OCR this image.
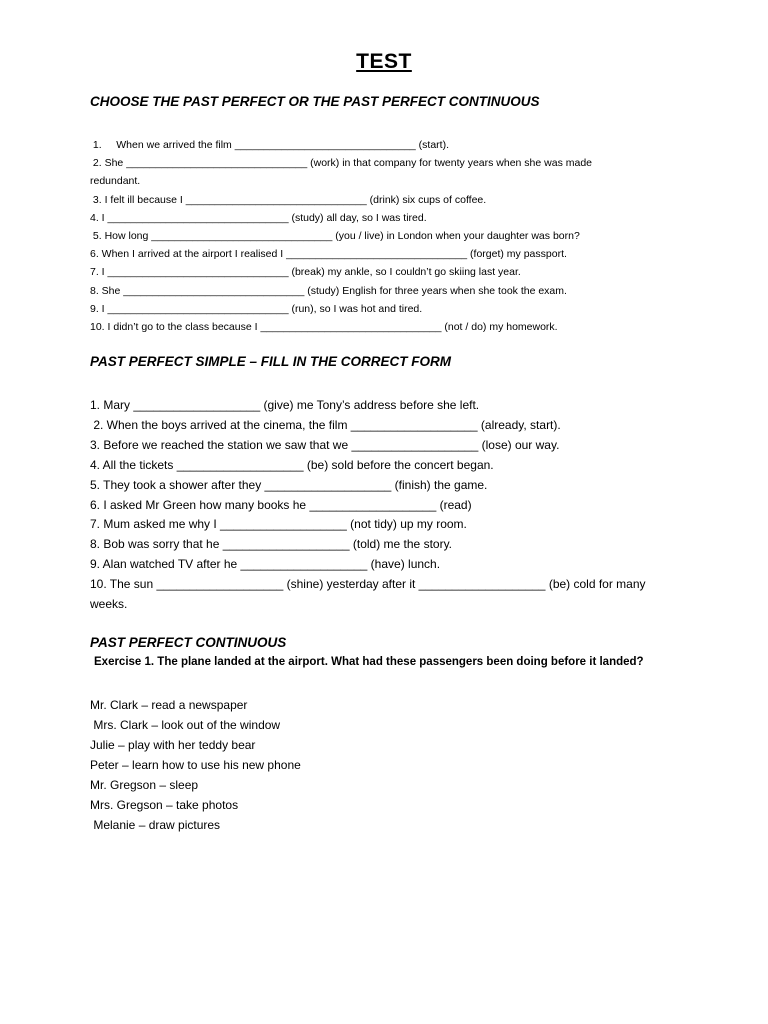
TEST
CHOOSE THE PAST PERFECT OR THE PAST PERFECT CONTINUOUS
1.     When we arrived the film _______________________________ (start).
2. She _______________________________ (work) in that company for twenty years when she was made
redundant.
3. I felt ill because I _______________________________ (drink) six cups of coffee.
4. I _______________________________ (study) all day, so I was tired.
5. How long _______________________________ (you / live) in London when your daughter was born?
6. When I arrived at the airport I realised I _______________________________ (forget) my passport.
7. I _______________________________ (break) my ankle, so I couldn’t go skiing last year.
8. She _______________________________ (study) English for three years when she took the exam.
9. I _______________________________ (run), so I was hot and tired.
10. I didn’t go to the class because I _______________________________ (not / do) my homework.
PAST PERFECT SIMPLE – FILL IN THE CORRECT FORM
1. Mary ___________________ (give) me Tony’s address before she left.
2. When the boys arrived at the cinema, the film ___________________ (already, start).
3. Before we reached the station we saw that we ___________________ (lose) our way.
4. All the tickets ___________________ (be) sold before the concert began.
5. They took a shower after they ___________________ (finish) the game.
6. I asked Mr Green how many books he ___________________ (read)
7. Mum asked me why I ___________________ (not tidy) up my room.
8. Bob was sorry that he ___________________ (told) me the story.
9. Alan watched TV after he ___________________ (have) lunch.
10. The sun ___________________ (shine) yesterday after it ___________________ (be) cold for many
weeks.
PAST PERFECT CONTINUOUS
Exercise 1. The plane landed at the airport. What had these passengers been doing before it landed?
Mr. Clark – read a newspaper
Mrs. Clark – look out of the window
Julie – play with her teddy bear
Peter – learn how to use his new phone
Mr. Gregson – sleep
Mrs. Gregson – take photos
Melanie – draw pictures
